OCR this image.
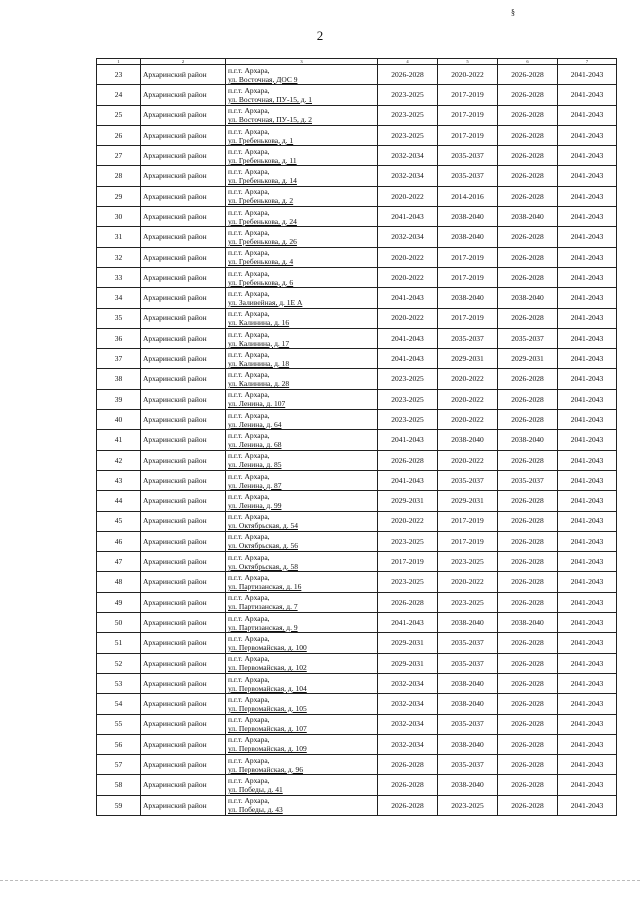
2
§
1	2	3	4	5	6	7
23	Архаринский район	п.г.т. Архара,
ул. Восточная, ДОС 9	2026-2028	2020-2022	2026-2028	2041-2043
24	Архаринский район	п.г.т. Архара,
ул. Восточная, ПУ-15, д. 1	2023-2025	2017-2019	2026-2028	2041-2043
25	Архаринский район	п.г.т. Архара,
ул. Восточная, ПУ-15, д. 2	2023-2025	2017-2019	2026-2028	2041-2043
26	Архаринский район	п.г.т. Архара,
ул. Гребенькова, д. 1	2023-2025	2017-2019	2026-2028	2041-2043
27	Архаринский район	п.г.т. Архара,
ул. Гребенькова, д. 11	2032-2034	2035-2037	2026-2028	2041-2043
28	Архаринский район	п.г.т. Архара,
ул. Гребенькова, д. 14	2032-2034	2035-2037	2026-2028	2041-2043
29	Архаринский район	п.г.т. Архара,
ул. Гребенькова, д. 2	2020-2022	2014-2016	2026-2028	2041-2043
30	Архаринский район	п.г.т. Архара,
ул. Гребенькова, д. 24	2041-2043	2038-2040	2038-2040	2041-2043
31	Архаринский район	п.г.т. Архара,
ул. Гребенькова, д. 26	2032-2034	2038-2040	2026-2028	2041-2043
32	Архаринский район	п.г.т. Архара,
ул. Гребенькова, д. 4	2020-2022	2017-2019	2026-2028	2041-2043
33	Архаринский район	п.г.т. Архара,
ул. Гребенькова, д. 6	2020-2022	2017-2019	2026-2028	2041-2043
34	Архаринский район	п.г.т. Архара,
ул. Заливейная, д. 1Е А	2041-2043	2038-2040	2038-2040	2041-2043
35	Архаринский район	п.г.т. Архара,
ул. Калинина, д. 16	2020-2022	2017-2019	2026-2028	2041-2043
36	Архаринский район	п.г.т. Архара,
ул. Калинина, д. 17	2041-2043	2035-2037	2035-2037	2041-2043
37	Архаринский район	п.г.т. Архара,
ул. Калинина, д. 18	2041-2043	2029-2031	2029-2031	2041-2043
38	Архаринский район	п.г.т. Архара,
ул. Калинина, д. 28	2023-2025	2020-2022	2026-2028	2041-2043
39	Архаринский район	п.г.т. Архара,
ул. Ленина, д. 107	2023-2025	2020-2022	2026-2028	2041-2043
40	Архаринский район	п.г.т. Архара,
ул. Ленина, д. 64	2023-2025	2020-2022	2026-2028	2041-2043
41	Архаринский район	п.г.т. Архара,
ул. Ленина, д. 68	2041-2043	2038-2040	2038-2040	2041-2043
42	Архаринский район	п.г.т. Архара,
ул. Ленина, д. 85	2026-2028	2020-2022	2026-2028	2041-2043
43	Архаринский район	п.г.т. Архара,
ул. Ленина, д. 87	2041-2043	2035-2037	2035-2037	2041-2043
44	Архаринский район	п.г.т. Архара,
ул. Ленина, д. 99	2029-2031	2029-2031	2026-2028	2041-2043
45	Архаринский район	п.г.т. Архара,
ул. Октябрьская, д. 54	2020-2022	2017-2019	2026-2028	2041-2043
46	Архаринский район	п.г.т. Архара,
ул. Октябрьская, д. 56	2023-2025	2017-2019	2026-2028	2041-2043
47	Архаринский район	п.г.т. Архара,
ул. Октябрьская, д. 58	2017-2019	2023-2025	2026-2028	2041-2043
48	Архаринский район	п.г.т. Архара,
ул. Партизанская, д. 16	2023-2025	2020-2022	2026-2028	2041-2043
49	Архаринский район	п.г.т. Архара,
ул. Партизанская, д. 7	2026-2028	2023-2025	2026-2028	2041-2043
50	Архаринский район	п.г.т. Архара,
ул. Партизанская, д. 9	2041-2043	2038-2040	2038-2040	2041-2043
51	Архаринский район	п.г.т. Архара,
ул. Первомайская, д. 100	2029-2031	2035-2037	2026-2028	2041-2043
52	Архаринский район	п.г.т. Архара,
ул. Первомайская, д. 102	2029-2031	2035-2037	2026-2028	2041-2043
53	Архаринский район	п.г.т. Архара,
ул. Первомайская, д. 104	2032-2034	2038-2040	2026-2028	2041-2043
54	Архаринский район	п.г.т. Архара,
ул. Первомайская, д. 105	2032-2034	2038-2040	2026-2028	2041-2043
55	Архаринский район	п.г.т. Архара,
ул. Первомайская, д. 107	2032-2034	2035-2037	2026-2028	2041-2043
56	Архаринский район	п.г.т. Архара,
ул. Первомайская, д. 109	2032-2034	2038-2040	2026-2028	2041-2043
57	Архаринский район	п.г.т. Архара,
ул. Первомайская, д. 96	2026-2028	2035-2037	2026-2028	2041-2043
58	Архаринский район	п.г.т. Архара,
ул. Победы, д. 41	2026-2028	2038-2040	2026-2028	2041-2043
59	Архаринский район	п.г.т. Архара,
ул. Победы, д. 43	2026-2028	2023-2025	2026-2028	2041-2043
